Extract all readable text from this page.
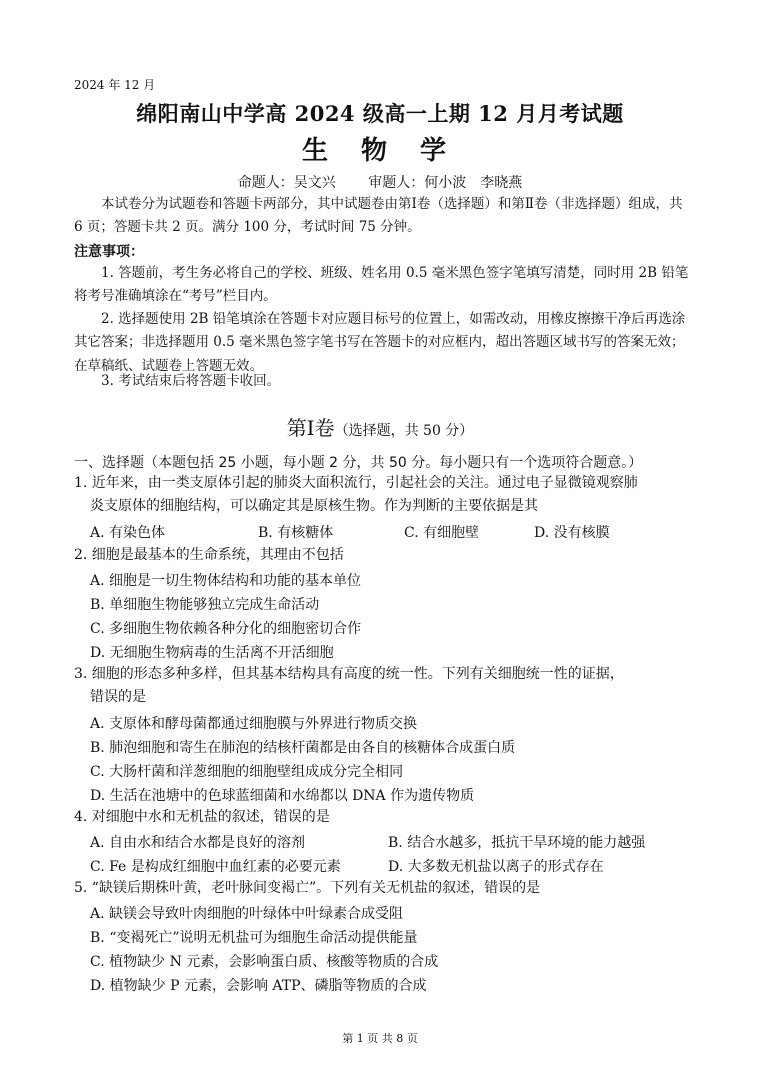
2024 年 12 月
绵阳南山中学高 2024 级高一上期 12 月月考试题
生 物 学
命题人：吴文兴 审题人：何小波　李晓燕
本试卷分为试题卷和答题卡两部分，其中试题卷由第Ⅰ卷（选择题）和第Ⅱ卷（非选择题）组成，共 6 页；答题卡共 2 页。满分 100 分，考试时间 75 分钟。
注意事项：
1. 答题前，考生务必将自己的学校、班级、姓名用 0.5 毫米黑色签字笔填写清楚，同时用 2B 铅笔将考号准确填涂在“考号”栏目内。
2. 选择题使用 2B 铅笔填涂在答题卡对应题目标号的位置上，如需改动，用橡皮擦擦干净后再选涂其它答案；非选择题用 0.5 毫米黑色签字笔书写在答题卡的对应框内，超出答题区域书写的答案无效；在草稿纸、试题卷上答题无效。
3. 考试结束后将答题卡收回。
第Ⅰ卷（选择题，共 50 分）
一、选择题（本题包括 25 小题，每小题 2 分，共 50 分。每小题只有一个选项符合题意。）
1. 近年来，由一类支原体引起的肺炎大面积流行，引起社会的关注。通过电子显微镜观察肺
炎支原体的细胞结构，可以确定其是原核生物。作为判断的主要依据是其
A. 有染色体	B. 有核糖体	C. 有细胞壁	D. 没有核膜
2. 细胞是最基本的生命系统，其理由不包括
A. 细胞是一切生物体结构和功能的基本单位
B. 单细胞生物能够独立完成生命活动
C. 多细胞生物依赖各种分化的细胞密切合作
D. 无细胞生物病毒的生活离不开活细胞
3. 细胞的形态多种多样，但其基本结构具有高度的统一性。下列有关细胞统一性的证据，
错误的是
A. 支原体和酵母菌都通过细胞膜与外界进行物质交换
B. 肺泡细胞和寄生在肺泡的结核杆菌都是由各自的核糖体合成蛋白质
C. 大肠杆菌和洋葱细胞的细胞壁组成成分完全相同
D. 生活在池塘中的色球蓝细菌和水绵都以 DNA 作为遗传物质
4. 对细胞中水和无机盐的叙述，错误的是
A. 自由水和结合水都是良好的溶剂	B. 结合水越多，抵抗干旱环境的能力越强
C. Fe 是构成红细胞中血红素的必要元素	D. 大多数无机盐以离子的形式存在
5. “缺镁后期株叶黄，老叶脉间变褐亡”。下列有关无机盐的叙述，错误的是
A. 缺镁会导致叶肉细胞的叶绿体中叶绿素合成受阻
B. “变褐死亡”说明无机盐可为细胞生命活动提供能量
C. 植物缺少 N 元素，会影响蛋白质、核酸等物质的合成
D. 植物缺少 P 元素，会影响 ATP、磷脂等物质的合成
第 1 页 共 8 页
